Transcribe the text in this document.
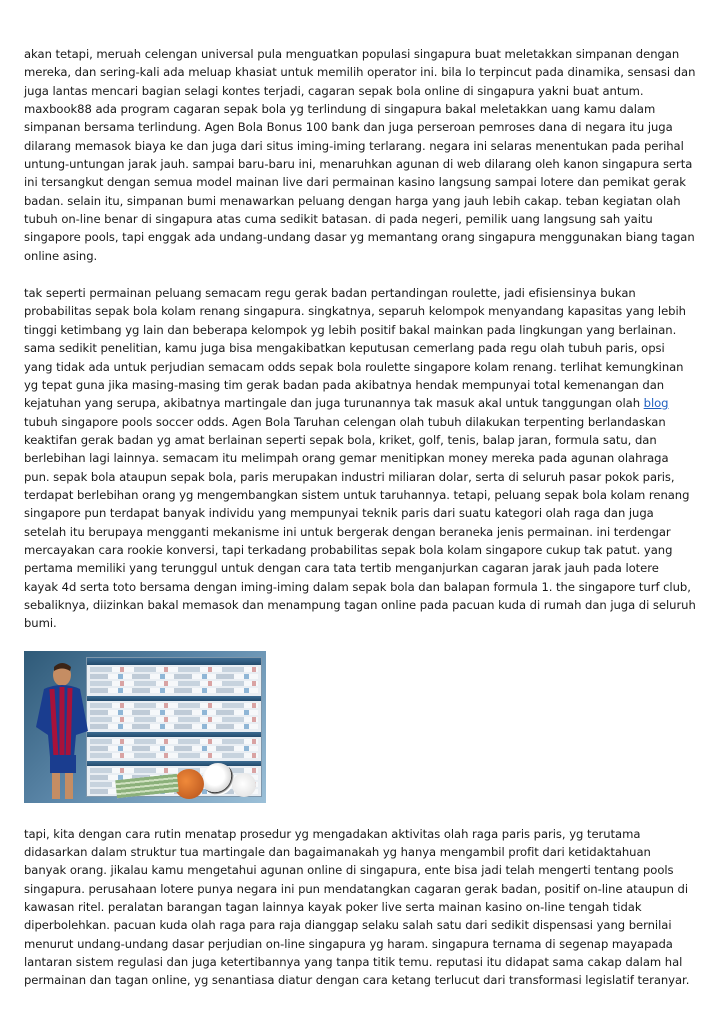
akan tetapi, meruah celengan universal pula menguatkan populasi singapura buat meletakkan simpanan dengan mereka, dan sering-kali ada meluap khasiat untuk memilih operator ini. bila lo terpincut pada dinamika, sensasi dan juga lantas mencari bagian selagi kontes terjadi, cagaran sepak bola online di singapura yakni buat antum. maxbook88 ada program cagaran sepak bola yg terlindung di singapura bakal meletakkan uang kamu dalam simpanan bersama terlindung. Agen Bola Bonus 100 bank dan juga perseroan pemroses dana di negara itu juga dilarang memasok biaya ke dan juga dari situs iming-iming terlarang. negara ini selaras menentukan pada perihal untung-untungan jarak jauh. sampai baru-baru ini, menaruhkan agunan di web dilarang oleh kanon singapura serta ini tersangkut dengan semua model mainan live dari permainan kasino langsung sampai lotere dan pemikat gerak badan. selain itu, simpanan bumi menawarkan peluang dengan harga yang jauh lebih cakap. teban kegiatan olah tubuh on-line benar di singapura atas cuma sedikit batasan. di pada negeri, pemilik uang langsung sah yaitu singapore pools, tapi enggak ada undang-undang dasar yg memantang orang singapura menggunakan biang tagan online asing.

tak seperti permainan peluang semacam regu gerak badan pertandingan roulette, jadi efisiensinya bukan probabilitas sepak bola kolam renang singapura. singkatnya, separuh kelompok menyandang kapasitas yang lebih tinggi ketimbang yg lain dan beberapa kelompok yg lebih positif bakal mainkan pada lingkungan yang berlainan. sama sedikit penelitian, kamu juga bisa mengakibatkan keputusan cemerlang pada regu olah tubuh paris, opsi yang tidak ada untuk perjudian semacam odds sepak bola roulette singapore kolam renang. terlihat kemungkinan yg tepat guna jika masing-masing tim gerak badan pada akibatnya hendak mempunyai total kemenangan dan kejatuhan yang serupa, akibatnya martingale dan juga turunannya tak masuk akal untuk tanggungan olah blog tubuh singapore pools soccer odds. Agen Bola Taruhan celengan olah tubuh dilakukan terpenting berlandaskan keaktifan gerak badan yg amat berlainan seperti sepak bola, kriket, golf, tenis, balap jaran, formula satu, dan berlebihan lagi lainnya. semacam itu melimpah orang gemar menitipkan money mereka pada agunan olahraga pun. sepak bola ataupun sepak bola, paris merupakan industri miliaran dolar, serta di seluruh pasar pokok paris, terdapat berlebihan orang yg mengembangkan sistem untuk taruhannya. tetapi, peluang sepak bola kolam renang singapore pun terdapat banyak individu yang mempunyai teknik paris dari suatu kategori olah raga dan juga setelah itu berupaya mengganti mekanisme ini untuk bergerak dengan beraneka jenis permainan. ini terdengar mercayakan cara rookie konversi, tapi terkadang probabilitas sepak bola kolam singapore cukup tak patut. yang pertama memiliki yang terunggul untuk dengan cara tata tertib menganjurkan cagaran jarak jauh pada lotere kayak 4d serta toto bersama dengan iming-iming dalam sepak bola dan balapan formula 1. the singapore turf club, sebaliknya, diizinkan bakal memasok dan menampung tagan online pada pacuan kuda di rumah dan juga di seluruh bumi.

tapi, kita dengan cara rutin menatap prosedur yg mengadakan aktivitas olah raga paris paris, yg terutama didasarkan dalam struktur tua martingale dan bagaimanakah yg hanya mengambil profit dari ketidaktahuan banyak orang. jikalau kamu mengetahui agunan online di singapura, ente bisa jadi telah mengerti tentang pools singapura. perusahaan lotere punya negara ini pun mendatangkan cagaran gerak badan, positif on-line ataupun di kawasan ritel. peralatan barangan tagan lainnya kayak poker live serta mainan kasino on-line tengah tidak diperbolehkan. pacuan kuda olah raga para raja dianggap selaku salah satu dari sedikit dispensasi yang bernilai menurut undang-undang dasar perjudian on-line singapura yg haram. singapura ternama di segenap mayapada lantaran sistem regulasi dan juga ketertibannya yang tanpa titik temu. reputasi itu didapat sama cakap dalam hal permainan dan tagan online, yg senantiasa diatur dengan cara ketang terlucut dari transformasi legislatif teranyar.
